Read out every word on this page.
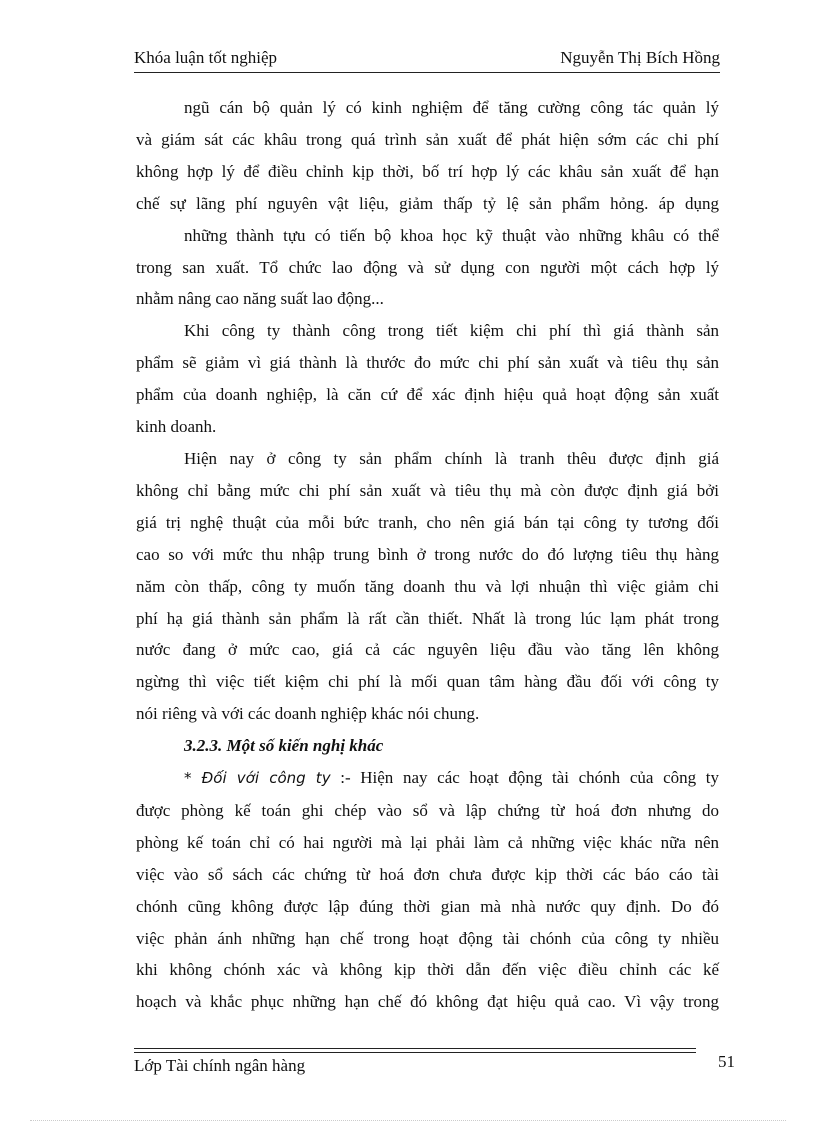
Khóa luận tốt nghiệp	Nguyễn Thị Bích Hồng

ngũ cán bộ quản lý có kinh nghiệm để tăng cường công tác quản lý

và giám sát các khâu trong quá trình sản xuất để phát hiện sớm các chi phí

không hợp lý để điều chỉnh kịp thời, bố trí hợp lý các khâu sản xuất để hạn

chế sự lãng phí nguyên vật liệu, giảm thấp tỷ lệ sản phẩm hỏng. áp dụng

những thành tựu có tiến bộ khoa học kỹ thuật vào những khâu có thể

trong san xuất. Tổ chức lao động và sử dụng con người một cách hợp lý

nhằm nâng cao năng suất lao động...

Khi công ty thành công trong tiết kiệm chi phí thì giá thành sản

phẩm sẽ giảm vì giá thành là thước đo mức chi phí sản xuất và tiêu thụ sản

phẩm của doanh nghiệp, là căn cứ để xác định hiệu quả hoạt động sản xuất

kinh doanh.

Hiện nay ở công ty sản phẩm chính là tranh thêu được định giá

không chỉ bằng mức chi phí sản xuất và tiêu thụ mà còn được định giá bởi

giá trị nghệ thuật của mỗi bức tranh, cho nên giá bán tại công ty tương đối

cao so với mức thu nhập trung bình ở trong nước do đó lượng tiêu thụ hàng

năm còn thấp, công ty muốn tăng doanh thu và lợi nhuận thì việc giảm chi

phí hạ giá thành sản phẩm là rất cần thiết. Nhất là trong lúc lạm phát trong

nước đang ở mức cao, giá cả các nguyên liệu đầu vào tăng lên không

ngừng thì việc tiết kiệm chi phí là mối quan tâm hàng đầu đối với công ty

nói riêng và với các doanh nghiệp khác nói chung.

3.2.3. Một số kiến nghị khác

* Đối với công ty :- Hiện nay các hoạt động tài chónh của công ty

được phòng kế toán ghi chép vào sổ và lập chứng từ hoá đơn nhưng do

phòng kế toán chỉ có hai người mà lại phải làm cả những việc khác nữa nên

việc vào sổ sách các chứng từ hoá đơn chưa được kịp thời các báo cáo tài

chónh cũng không được lập đúng thời gian mà nhà nước quy định. Do đó

việc phản ánh những hạn chế trong hoạt động tài chónh của công ty nhiều

khi không chónh xác và không kịp thời dẫn đến việc điều chỉnh các kế

hoạch và khắc phục những hạn chế đó không đạt hiệu quả cao. Vì vậy trong

Lớp Tài chính ngân hàng	51
